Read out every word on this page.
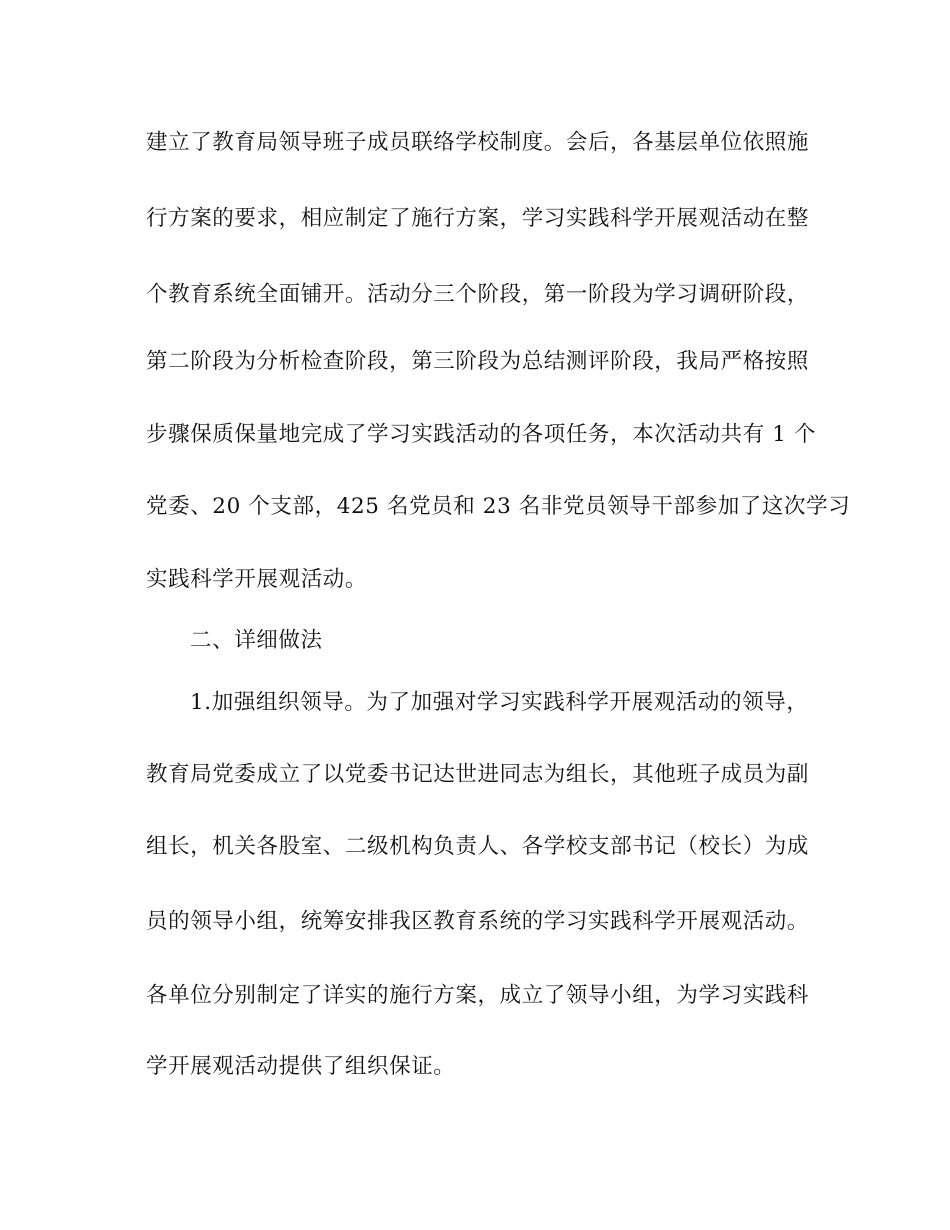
建立了教育局领导班子成员联络学校制度。会后，各基层单位依照施
行方案的要求，相应制定了施行方案，学习实践科学开展观活动在整
个教育系统全面铺开。活动分三个阶段，第一阶段为学习调研阶段，
第二阶段为分析检查阶段，第三阶段为总结测评阶段，我局严格按照
步骤保质保量地完成了学习实践活动的各项任务，本次活动共有 1 个
党委、20 个支部，425 名党员和 23 名非党员领导干部参加了这次学习
实践科学开展观活动。
二、详细做法
1.加强组织领导。为了加强对学习实践科学开展观活动的领导，
教育局党委成立了以党委书记达世进同志为组长，其他班子成员为副
组长，机关各股室、二级机构负责人、各学校支部书记（校长）为成
员的领导小组，统筹安排我区教育系统的学习实践科学开展观活动。
各单位分别制定了详实的施行方案，成立了领导小组，为学习实践科
学开展观活动提供了组织保证。
